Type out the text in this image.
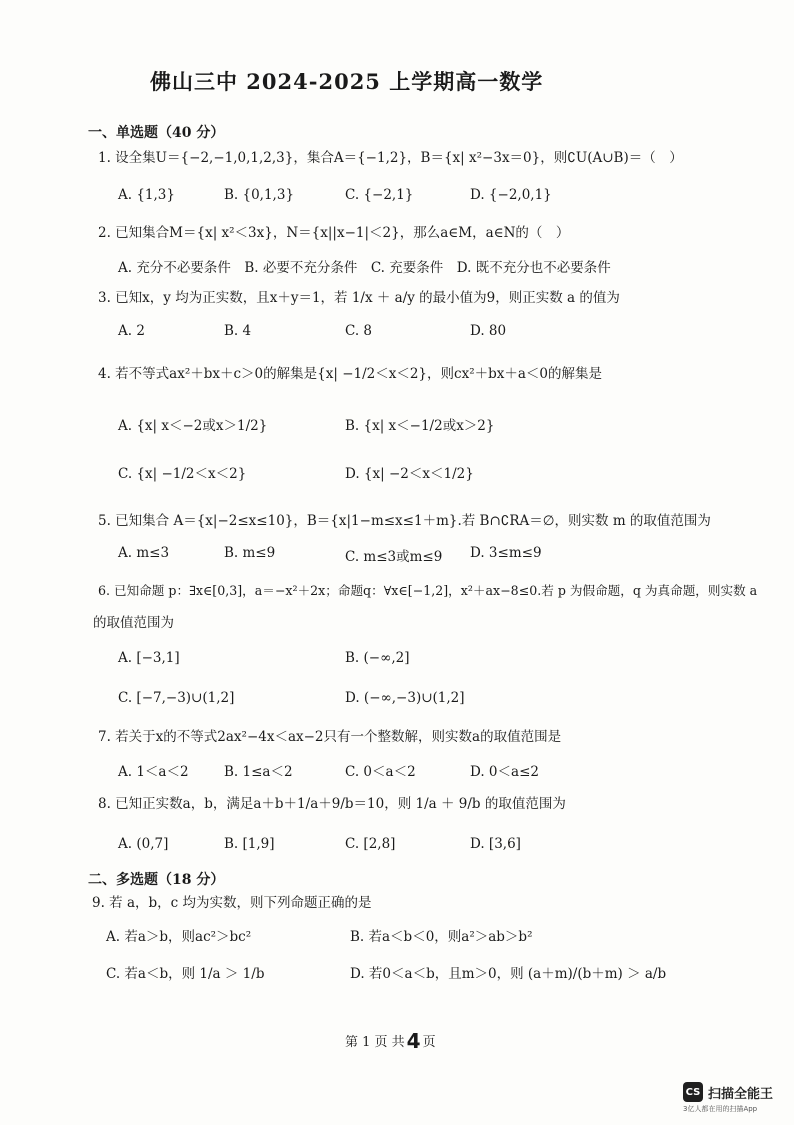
佛山三中 2024-2025 上学期高一数学
一、单选题（40 分）
1. 设全集U＝{−2,−1,0,1,2,3}，集合A＝{−1,2}，B＝{x| x²−3x＝0}，则∁U(A∪B)＝（　）
A. {1,3}	B. {0,1,3}	C. {−2,1}	D. {−2,0,1}
2. 已知集合M＝{x| x²＜3x}，N＝{x||x−1|＜2}，那么a∈M，a∈N的（　）
A. 充分不必要条件　B. 必要不充分条件　C. 充要条件　D. 既不充分也不必要条件
3. 已知x，y 均为正实数，且x＋y＝1，若 1/x ＋ a/y 的最小值为9，则正实数 a 的值为
A. 2	B. 4	C. 8	D. 80
4. 若不等式ax²＋bx＋c＞0的解集是{x| −1/2＜x＜2}，则cx²＋bx＋a＜0的解集是
A. {x| x＜−2或x＞1/2}	B. {x| x＜−1/2或x＞2}
C. {x| −1/2＜x＜2}	D. {x| −2＜x＜1/2}
5. 已知集合 A＝{x|−2≤x≤10}，B＝{x|1−m≤x≤1＋m}.若 B∩∁RA＝∅，则实数 m 的取值范围为
A. m≤3	B. m≤9	C. m≤3或m≤9 D. 3≤m≤9
6. 已知命题 p：∃x∈[0,3]，a＝−x²＋2x；命题q：∀x∈[−1,2]，x²＋ax−8≤0.若 p 为假命题，q 为真命题，则实数 a
的取值范围为
A. [−3,1]	B. (−∞,2]
C. [−7,−3)∪(1,2]	D. (−∞,−3)∪(1,2]
7. 若关于x的不等式2ax²−4x＜ax−2只有一个整数解，则实数a的取值范围是
A. 1＜a＜2	B. 1≤a＜2	C. 0＜a＜2	D. 0＜a≤2
8. 已知正实数a，b，满足a＋b＋1/a＋9/b＝10，则 1/a ＋ 9/b 的取值范围为
A. (0,7]	B. [1,9]	C. [2,8]	D. [3,6]
二、多选题（18 分）
9. 若 a，b，c 均为实数，则下列命题正确的是
A. 若a＞b，则ac²＞bc²	B. 若a＜b＜0，则a²＞ab＞b²
C. 若a＜b，则 1/a ＞ 1/b	D. 若0＜a＜b，且m＞0，则 (a＋m)/(b＋m) ＞ a/b
第 1 页 共 4 页
CS 扫描全能王
3亿人都在用的扫描App
